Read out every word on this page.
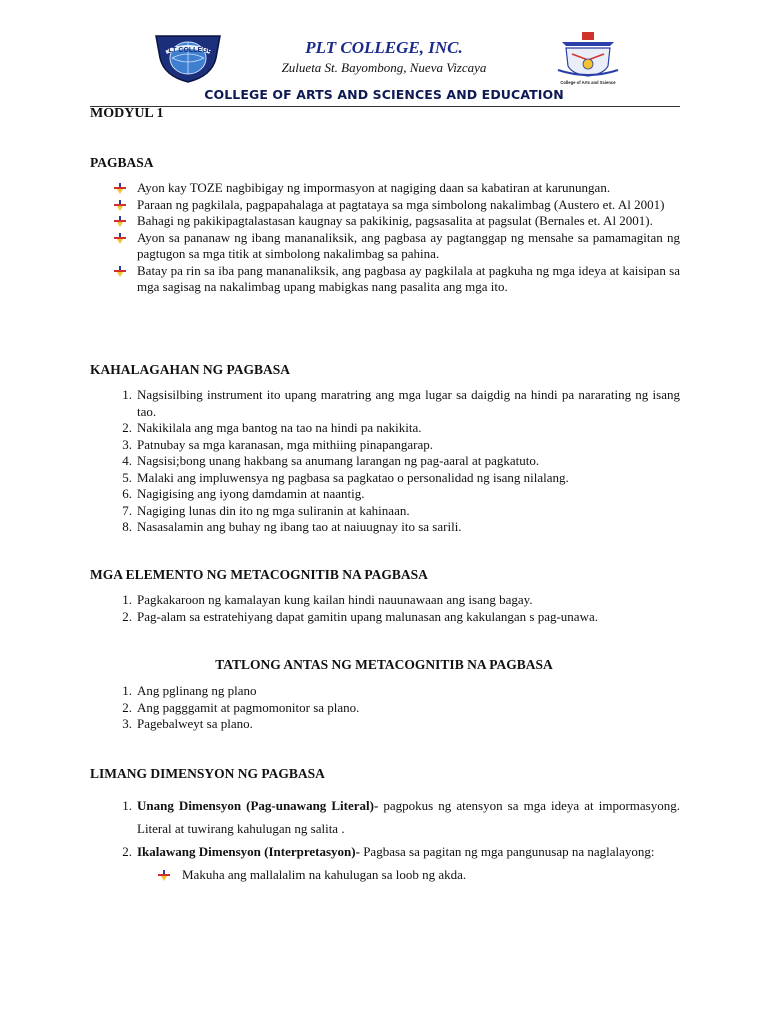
PLT COLLEGE
College of Arts and Science
PLT COLLEGE, INC.
Zulueta St. Bayombong, Nueva Vizcaya
COLLEGE OF ARTS AND SCIENCES AND EDUCATION
MODYUL 1
PAGBASA
Ayon kay TOZE nagbibigay ng impormasyon at nagiging daan sa kabatiran at karunungan.
Paraan ng pagkilala, pagpapahalaga at pagtataya sa mga simbolong nakalimbag (Austero et. Al 2001)
Bahagi ng pakikipagtalastasan kaugnay sa pakikinig, pagsasalita at pagsulat (Bernales et. Al 2001).
Ayon sa pananaw ng ibang mananaliksik, ang pagbasa ay pagtanggap ng mensahe sa pamamagitan ng pagtugon sa mga titik at simbolong nakalimbag sa pahina.
Batay pa rin sa iba pang mananaliksik, ang pagbasa ay pagkilala at pagkuha ng mga ideya at kaisipan sa mga sagisag na nakalimbag upang mabigkas nang pasalita ang mga ito.
KAHALAGAHAN NG PAGBASA
1. Nagsisilbing instrument ito upang maratring ang mga lugar sa daigdig na hindi pa nararating ng isang tao.
2. Nakikilala ang mga bantog na tao na hindi pa nakikita.
3. Patnubay sa mga karanasan, mga mithiing pinapangarap.
4. Nagsisi;bong unang hakbang sa anumang larangan ng pag-aaral at pagkatuto.
5. Malaki ang impluwensya ng pagbasa sa pagkatao o personalidad ng isang nilalang.
6. Nagigising ang iyong damdamin at naantig.
7. Nagiging lunas din ito ng mga suliranin at kahinaan.
8. Nasasalamin ang buhay ng ibang tao at naiuugnay ito sa sarili.
MGA ELEMENTO NG METACOGNITIB NA PAGBASA
1. Pagkakaroon ng kamalayan kung kailan hindi nauunawaan ang isang bagay.
2. Pag-alam sa estratehiyang dapat gamitin upang malunasan ang kakulangan s pag-unawa.
TATLONG ANTAS NG METACOGNITIB NA PAGBASA
1. Ang pglinang ng plano
2. Ang pagggamit at pagmomonitor sa plano.
3. Pagebalweyt sa plano.
LIMANG DIMENSYON NG PAGBASA
1. Unang Dimensyon (Pag-unawang Literal)- pagpokus ng atensyon sa mga ideya at impormasyong. Literal at tuwirang kahulugan ng salita .
2. Ikalawang Dimensyon (Interpretasyon)- Pagbasa sa pagitan ng mga pangunusap na naglalayong:
Makuha ang mallalalim na kahulugan sa loob ng akda.
